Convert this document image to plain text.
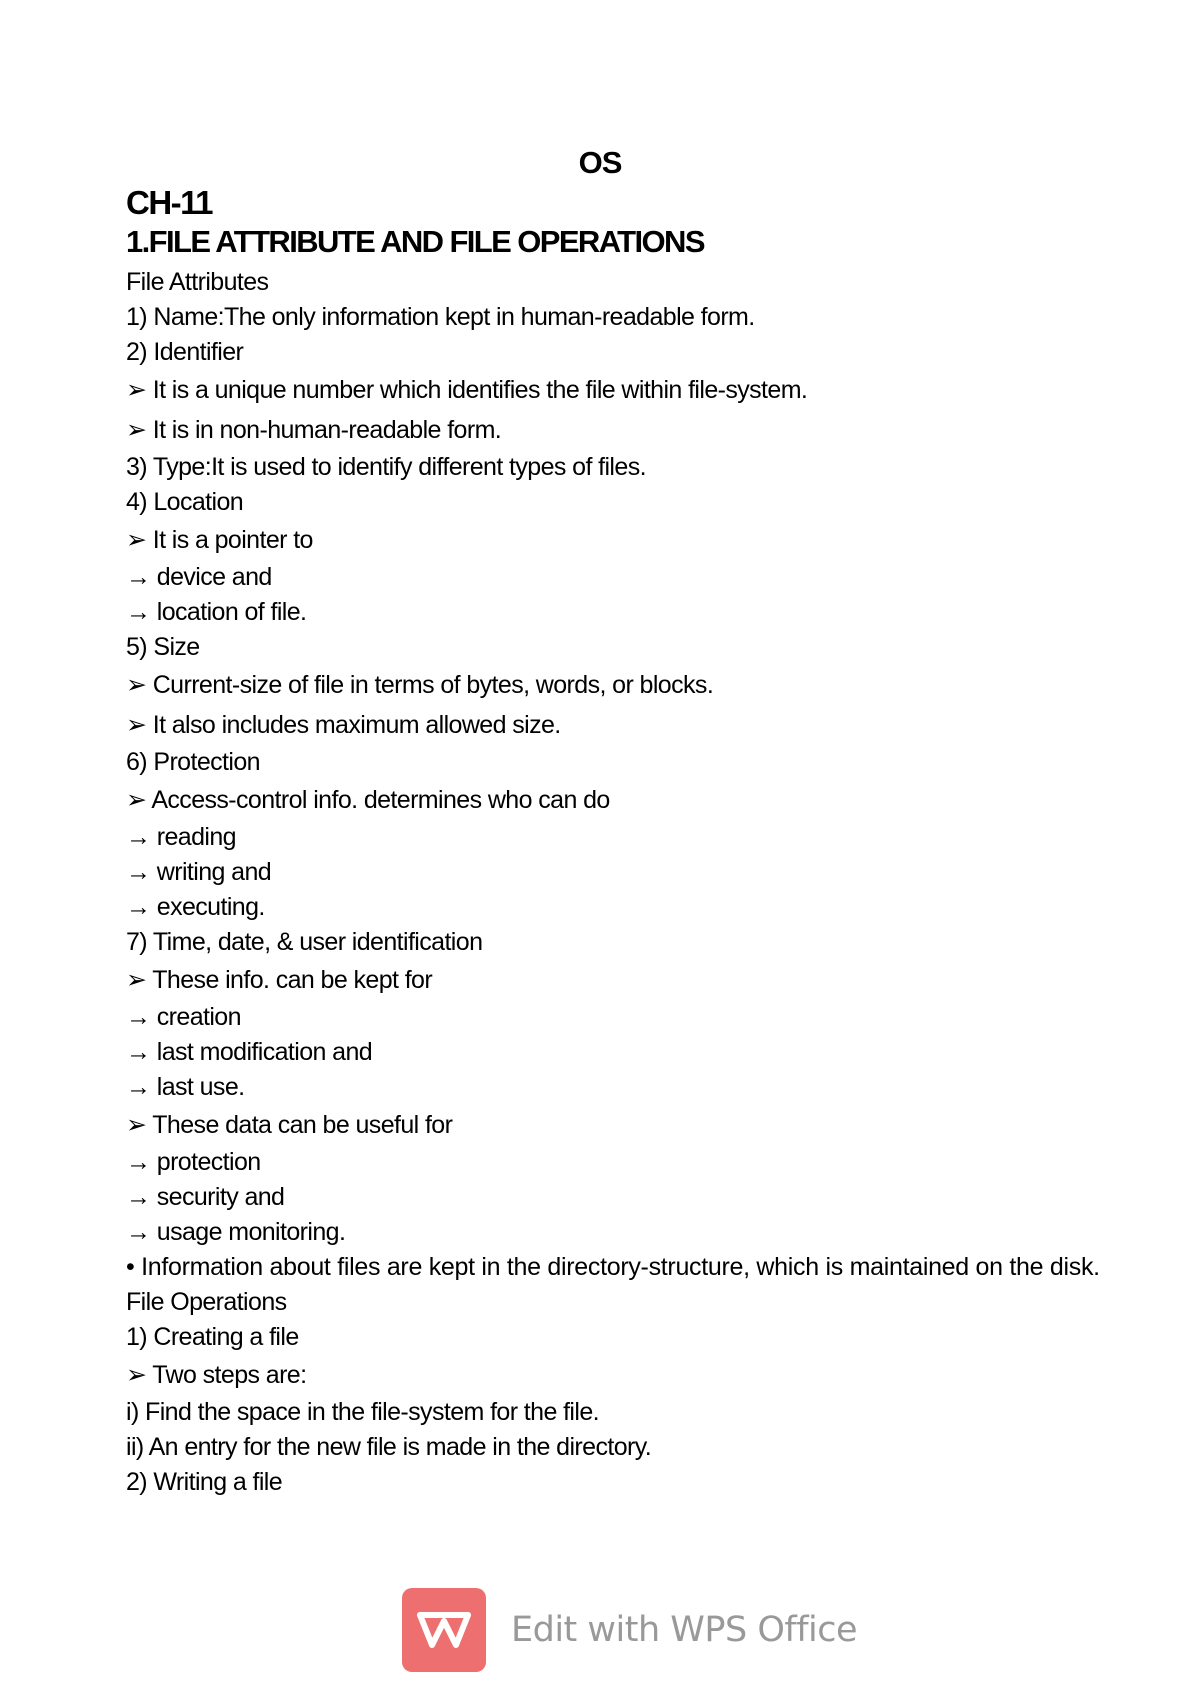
OS
CH-11
1.FILE ATTRIBUTE AND FILE OPERATIONS
File Attributes
1) Name:The only information kept in human-readable form.
2) Identifier
➢ It is a unique number which identifies the file within file-system.
➢ It is in non-human-readable form.
3) Type:It is used to identify different types of files.
4) Location
➢ It is a pointer to
→ device and
→ location of file.
5) Size
➢ Current-size of file in terms of bytes, words, or blocks.
➢ It also includes maximum allowed size.
6) Protection
➢ Access-control info. determines who can do
→ reading
→ writing and
→ executing.
7) Time, date, & user identification
➢ These info. can be kept for
→ creation
→ last modification and
→ last use.
➢ These data can be useful for
→ protection
→ security and
→ usage monitoring.
• Information about files are kept in the directory-structure, which is maintained on the disk.
File Operations
1) Creating a file
➢ Two steps are:
i) Find the space in the file-system for the file.
ii) An entry for the new file is made in the directory.
2) Writing a file
Edit with WPS Office
